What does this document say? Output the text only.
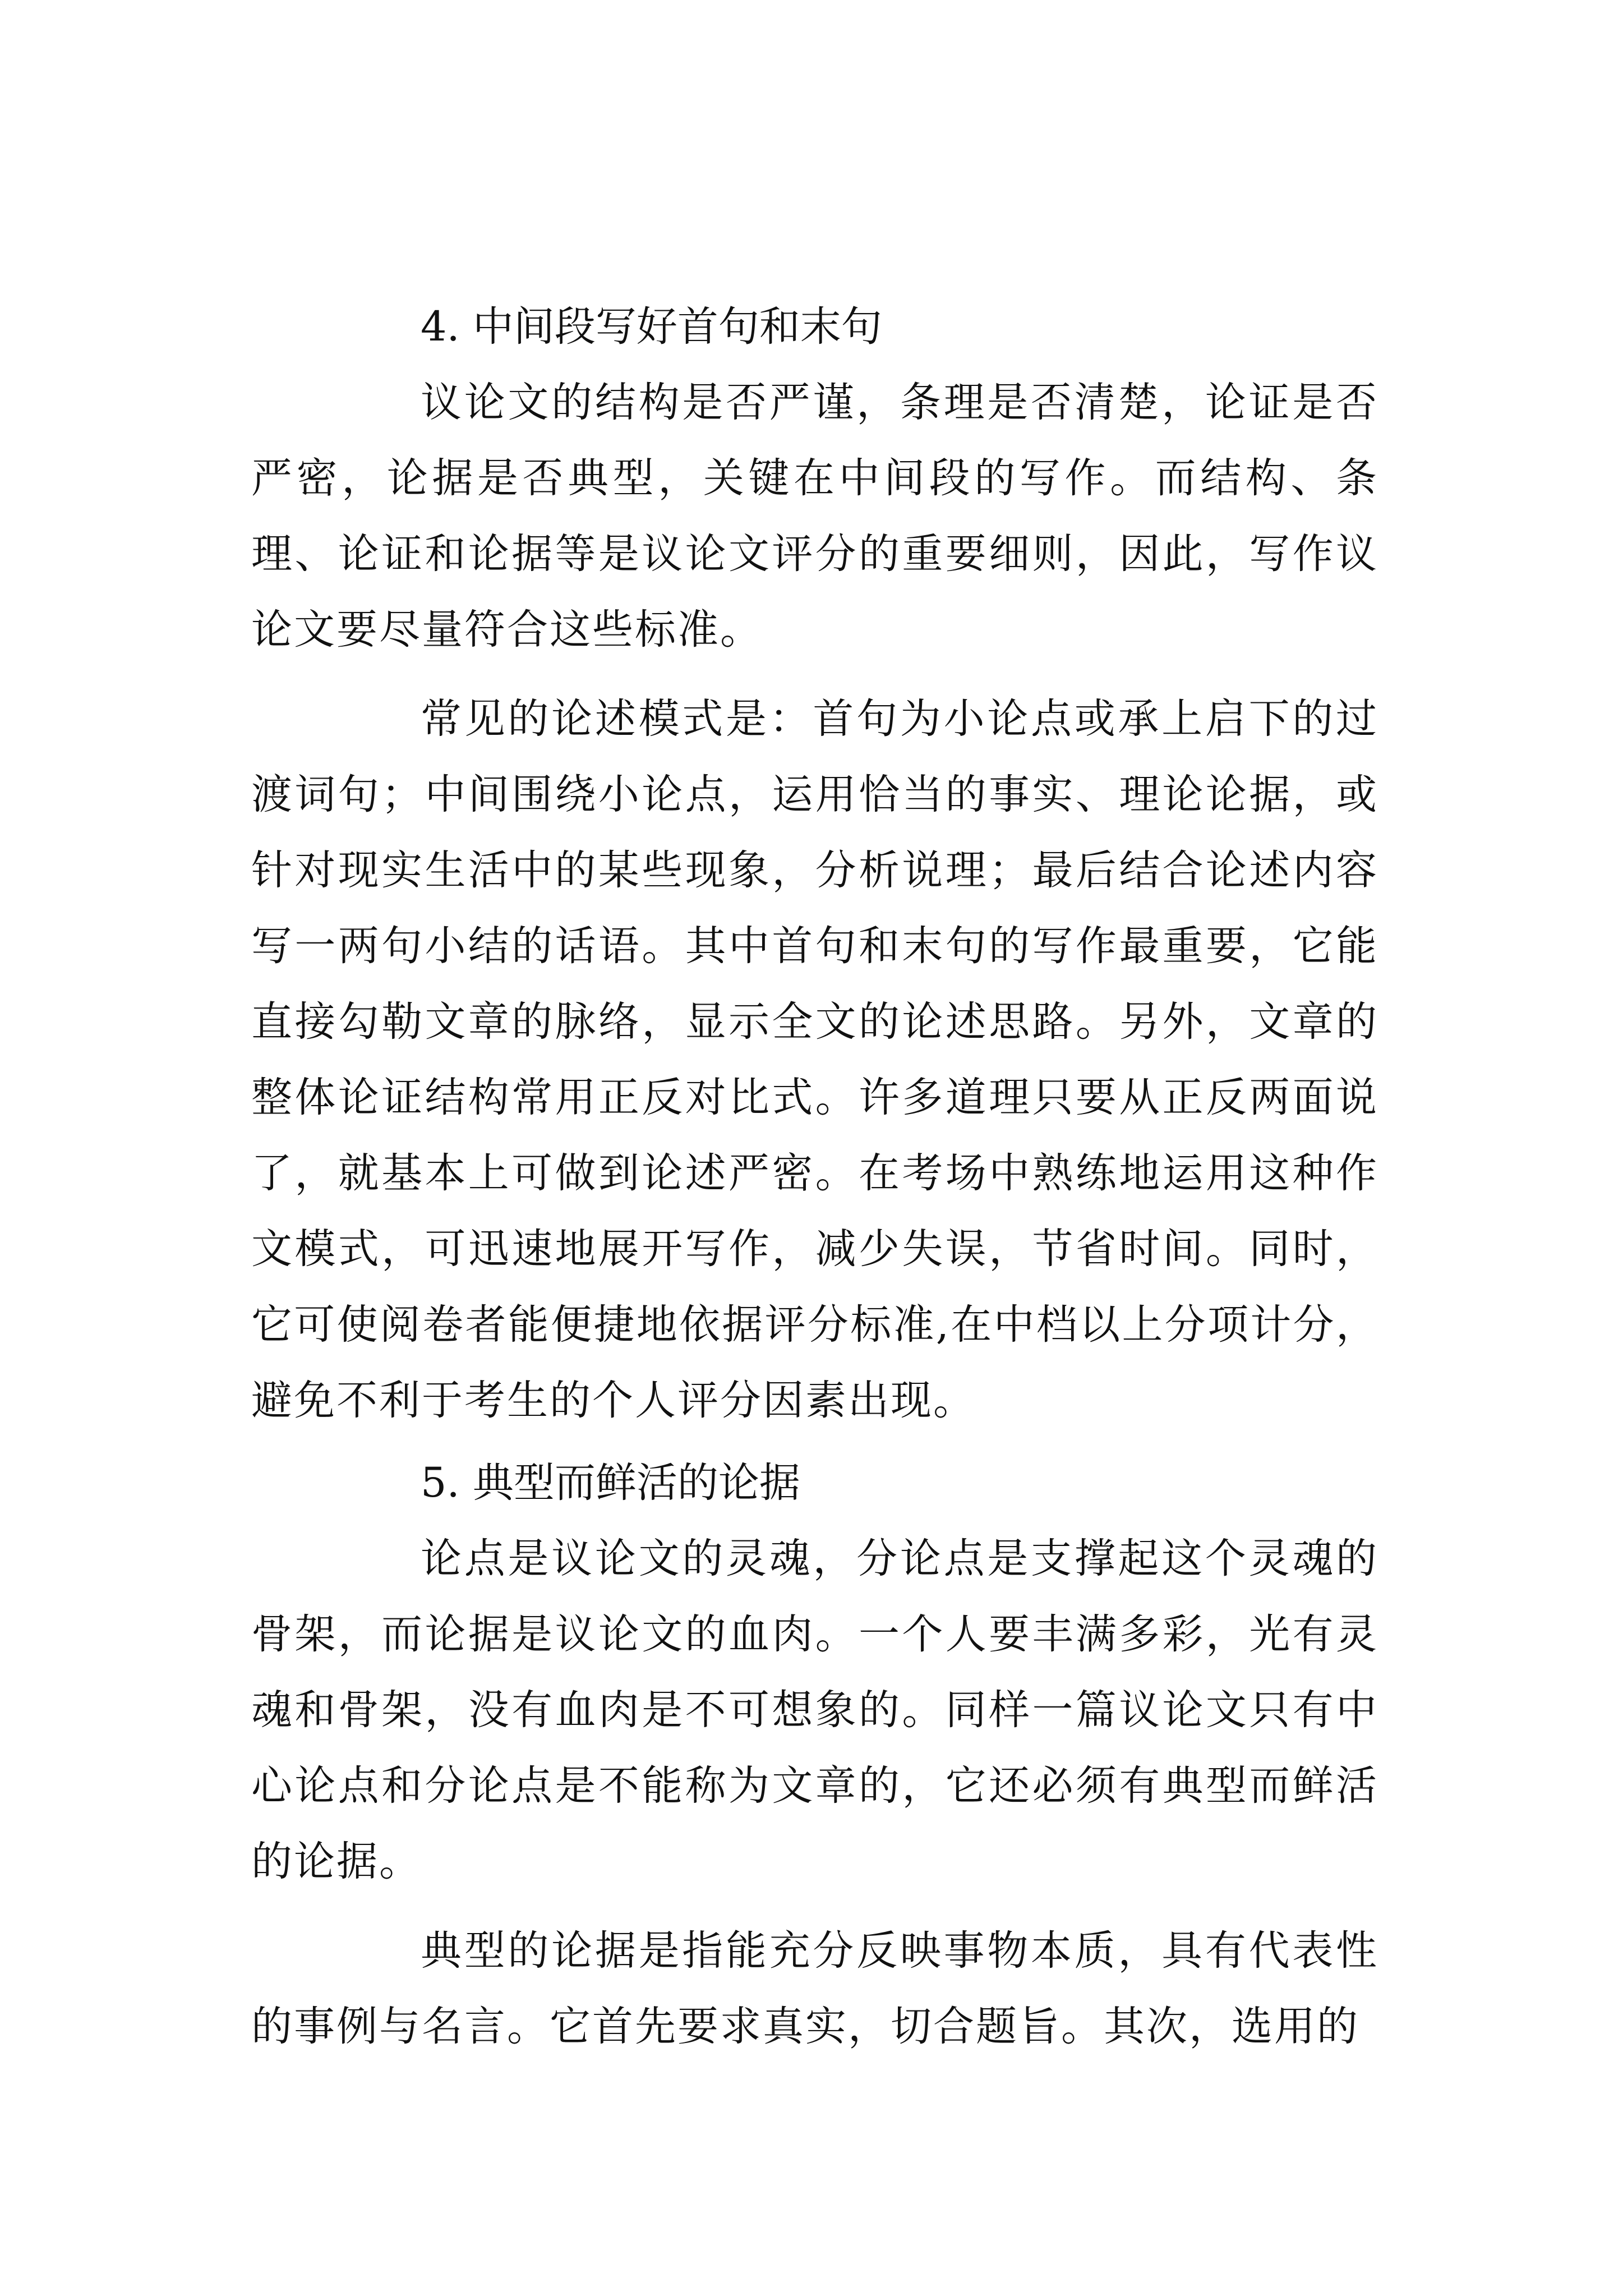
4. 中间段写好首句和末句

议论文的结构是否严谨，条理是否清楚，论证是否严密，论据是否典型，关键在中间段的写作。而结构、条理、论证和论据等是议论文评分的重要细则，因此，写作议论文要尽量符合这些标准。

常见的论述模式是：首句为小论点或承上启下的过渡词句；中间围绕小论点，运用恰当的事实、理论论据，或针对现实生活中的某些现象，分析说理；最后结合论述内容写一两句小结的话语。其中首句和末句的写作最重要，它能直接勾勒文章的脉络，显示全文的论述思路。另外，文章的整体论证结构常用正反对比式。许多道理只要从正反两面说了，就基本上可做到论述严密。在考场中熟练地运用这种作文模式，可迅速地展开写作，减少失误，节省时间。同时，它可使阅卷者能便捷地依据评分标准,在中档以上分项计分，避免不利于考生的个人评分因素出现。

5. 典型而鲜活的论据

论点是议论文的灵魂，分论点是支撑起这个灵魂的骨架，而论据是议论文的血肉。一个人要丰满多彩，光有灵魂和骨架，没有血肉是不可想象的。同样一篇议论文只有中心论点和分论点是不能称为文章的，它还必须有典型而鲜活的论据。

典型的论据是指能充分反映事物本质，具有代表性的事例与名言。它首先要求真实，切合题旨。其次，选用的
